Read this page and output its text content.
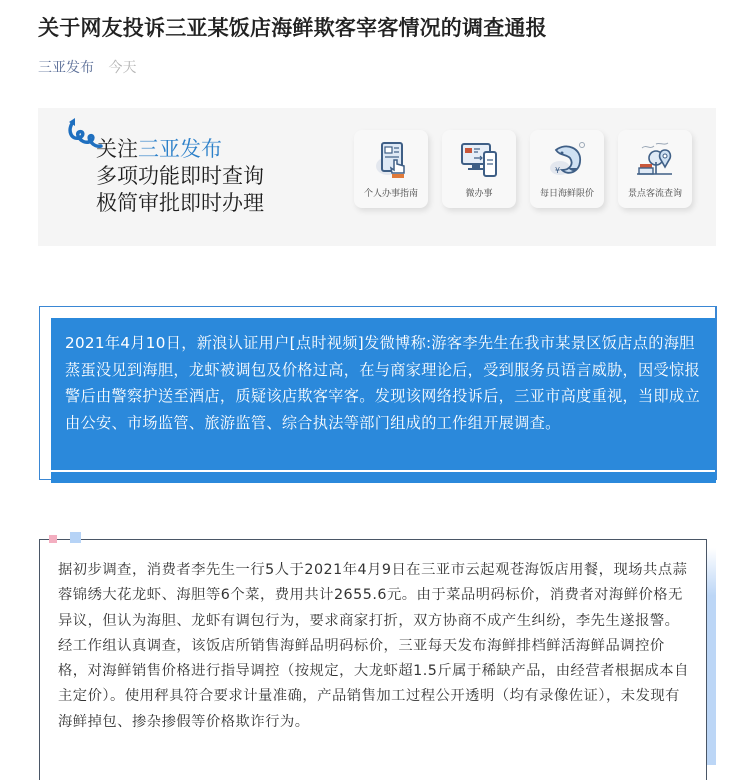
关于网友投诉三亚某饭店海鲜欺客宰客情况的调查通报
三亚发布 今天
关注三亚发布
多项功能即时查询
极简审批即时办理	个人办事指南	微办事
¥
每日海鲜限价	景点客流查询

2021年4月10日，新浪认证用户[点时视频]发微博称:游客李先生在我市某景区饭店点的海胆蒸蛋没见到海胆，龙虾被调包及价格过高，在与商家理论后，受到服务员语言威胁，因受惊报警后由警察护送至酒店，质疑该店欺客宰客。发现该网络投诉后，三亚市高度重视，当即成立由公安、市场监管、旅游监管、综合执法等部门组成的工作组开展调查。

据初步调查，消费者李先生一行5人于2021年4月9日在三亚市云起观苍海饭店用餐，现场共点蒜蓉锦绣大花龙虾、海胆等6个菜，费用共计2655.6元。由于菜品明码标价，消费者对海鲜价格无异议，但认为海胆、龙虾有调包行为，要求商家打折，双方协商不成产生纠纷，李先生遂报警。经工作组认真调查，该饭店所销售海鲜品明码标价，三亚每天发布海鲜排档鲜活海鲜品调控价格，对海鲜销售价格进行指导调控（按规定，大龙虾超1.5斤属于稀缺产品，由经营者根据成本自主定价）。使用秤具符合要求计量准确，产品销售加工过程公开透明（均有录像佐证），未发现有海鲜掉包、掺杂掺假等价格欺诈行为。
